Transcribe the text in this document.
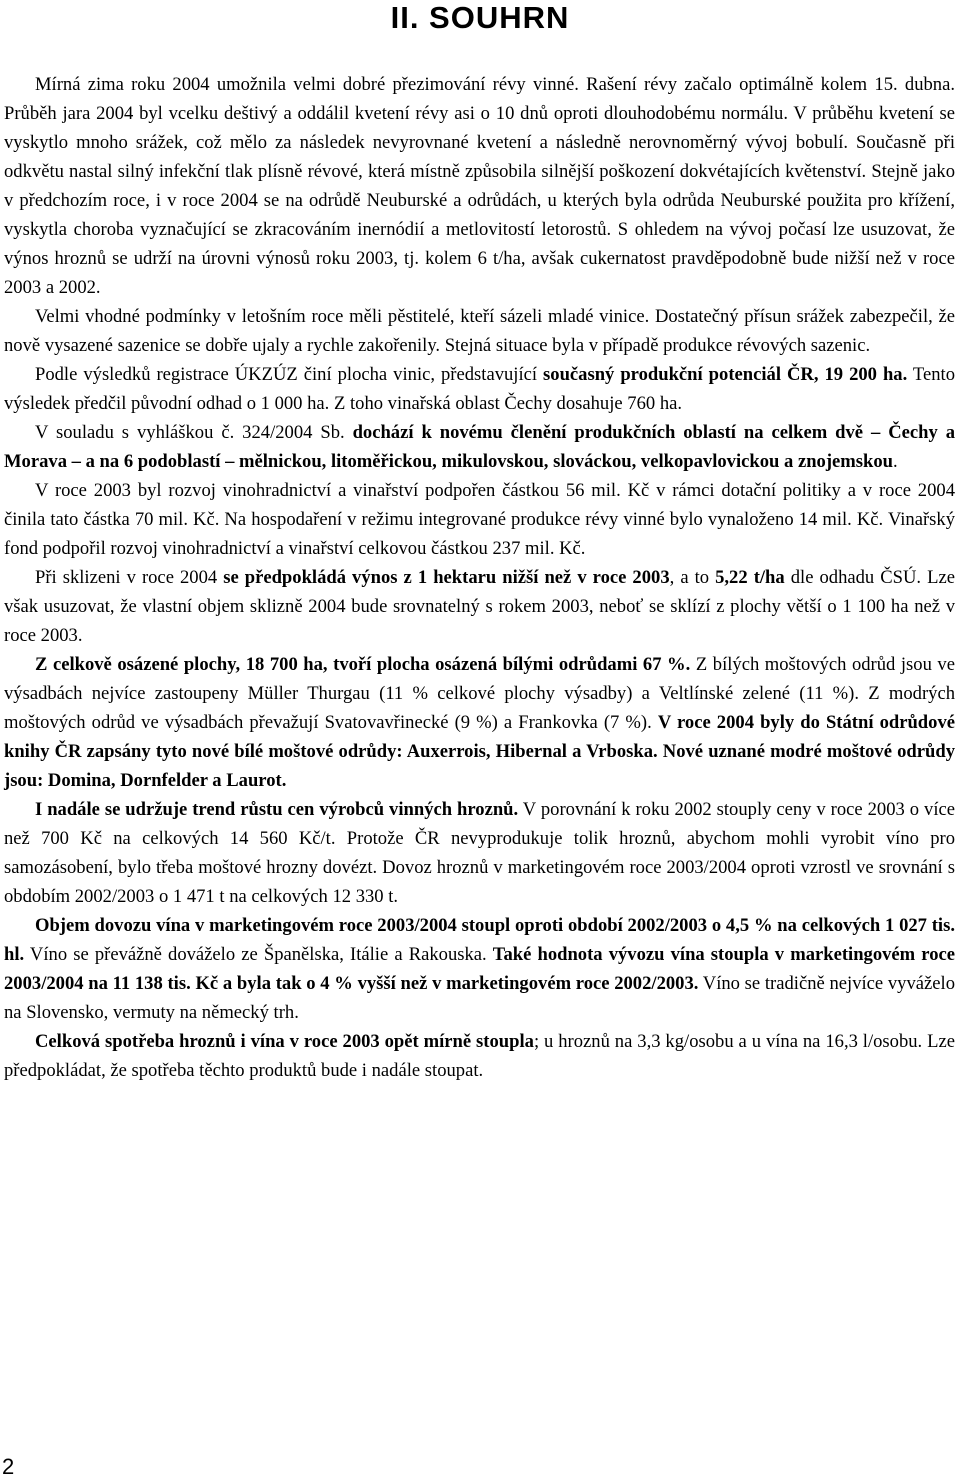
II. SOUHRN

Mírná zima roku 2004 umožnila velmi dobré přezimování révy vinné. Rašení révy začalo optimálně kolem 15. dubna. Průběh jara 2004 byl vcelku deštivý a oddálil kvetení révy asi o 10 dnů oproti dlouhodobému normálu. V průběhu kvetení se vyskytlo mnoho srážek, což mělo za následek nevyrovnané kvetení a následně nerovnoměrný vývoj bobulí. Současně při odkvětu nastal silný infekční tlak plísně révové, která místně způsobila silnější poškození dokvétajících květenství. Stejně jako v předchozím roce, i v roce 2004 se na odrůdě Neuburské a odrůdách, u kterých byla odrůda Neuburské použita pro křížení, vyskytla choroba vyznačující se zkracováním inernódií a metlovitostí letorostů. S ohledem na vývoj počasí lze usuzovat, že výnos hroznů se udrží na úrovni výnosů roku 2003, tj. kolem 6 t/ha, avšak cukernatost pravděpodobně bude nižší než v roce 2003 a 2002.

Velmi vhodné podmínky v letošním roce měli pěstitelé, kteří sázeli mladé vinice. Dostatečný přísun srážek zabezpečil, že nově vysazené sazenice se dobře ujaly a rychle zakořenily. Stejná situace byla v případě produkce révových sazenic.

Podle výsledků registrace ÚKZÚZ činí plocha vinic, představující současný produkční potenciál ČR, 19 200 ha. Tento výsledek předčil původní odhad o 1 000 ha. Z toho vinařská oblast Čechy dosahuje 760 ha.

V souladu s vyhláškou č. 324/2004 Sb. dochází k novému členění produkčních oblastí na celkem dvě – Čechy a Morava – a na 6 podoblastí – mělnickou, litoměřickou, mikulovskou, slováckou, velkopavlovickou a znojemskou.

V roce 2003 byl rozvoj vinohradnictví a vinařství podpořen částkou 56 mil. Kč v rámci dotační politiky a v roce 2004 činila tato částka 70 mil. Kč. Na hospodaření v režimu integrované produkce révy vinné bylo vynaloženo 14 mil. Kč. Vinařský fond podpořil rozvoj vinohradnictví a vinařství celkovou částkou 237 mil. Kč.

Při sklizeni v roce 2004 se předpokládá výnos z 1 hektaru nižší než v roce 2003, a to 5,22 t/ha dle odhadu ČSÚ. Lze však usuzovat, že vlastní objem sklizně 2004 bude srovnatelný s rokem 2003, neboť se sklízí z plochy větší o 1 100 ha než v roce 2003.

Z celkově osázené plochy, 18 700 ha, tvoří plocha osázená bílými odrůdami 67 %. Z bílých moštových odrůd jsou ve výsadbách nejvíce zastoupeny Müller Thurgau (11 % celkové plochy výsadby) a Veltlínské zelené (11 %). Z modrých moštových odrůd ve výsadbách převažují Svatovavřinecké (9 %) a Frankovka (7 %). V roce 2004 byly do Státní odrůdové knihy ČR zapsány tyto nové bílé moštové odrůdy: Auxerrois, Hibernal a Vrboska. Nové uznané modré moštové odrůdy jsou: Domina, Dornfelder a Laurot.

I nadále se udržuje trend růstu cen výrobců vinných hroznů. V porovnání k roku 2002 stouply ceny v roce 2003 o více než 700 Kč na celkových 14 560 Kč/t. Protože ČR nevyprodukuje tolik hroznů, abychom mohli vyrobit víno pro samozásobení, bylo třeba moštové hrozny dovézt. Dovoz hroznů v marketingovém roce 2003/2004 oproti vzrostl ve srovnání s obdobím 2002/2003 o 1 471 t na celkových 12 330 t.

Objem dovozu vína v marketingovém roce 2003/2004 stoupl oproti období 2002/2003 o 4,5 % na celkových 1 027 tis. hl. Víno se převážně dováželo ze Španělska, Itálie a Rakouska. Také hodnota vývozu vína stoupla v marketingovém roce 2003/2004 na 11 138 tis. Kč a byla tak o 4 % vyšší než v marketingovém roce 2002/2003. Víno se tradičně nejvíce vyváželo na Slovensko, vermuty na německý trh.

Celková spotřeba hroznů i vína v roce 2003 opět mírně stoupla; u hroznů na 3,3 kg/osobu a u vína na 16,3 l/osobu. Lze předpokládat, že spotřeba těchto produktů bude i nadále stoupat.

2
